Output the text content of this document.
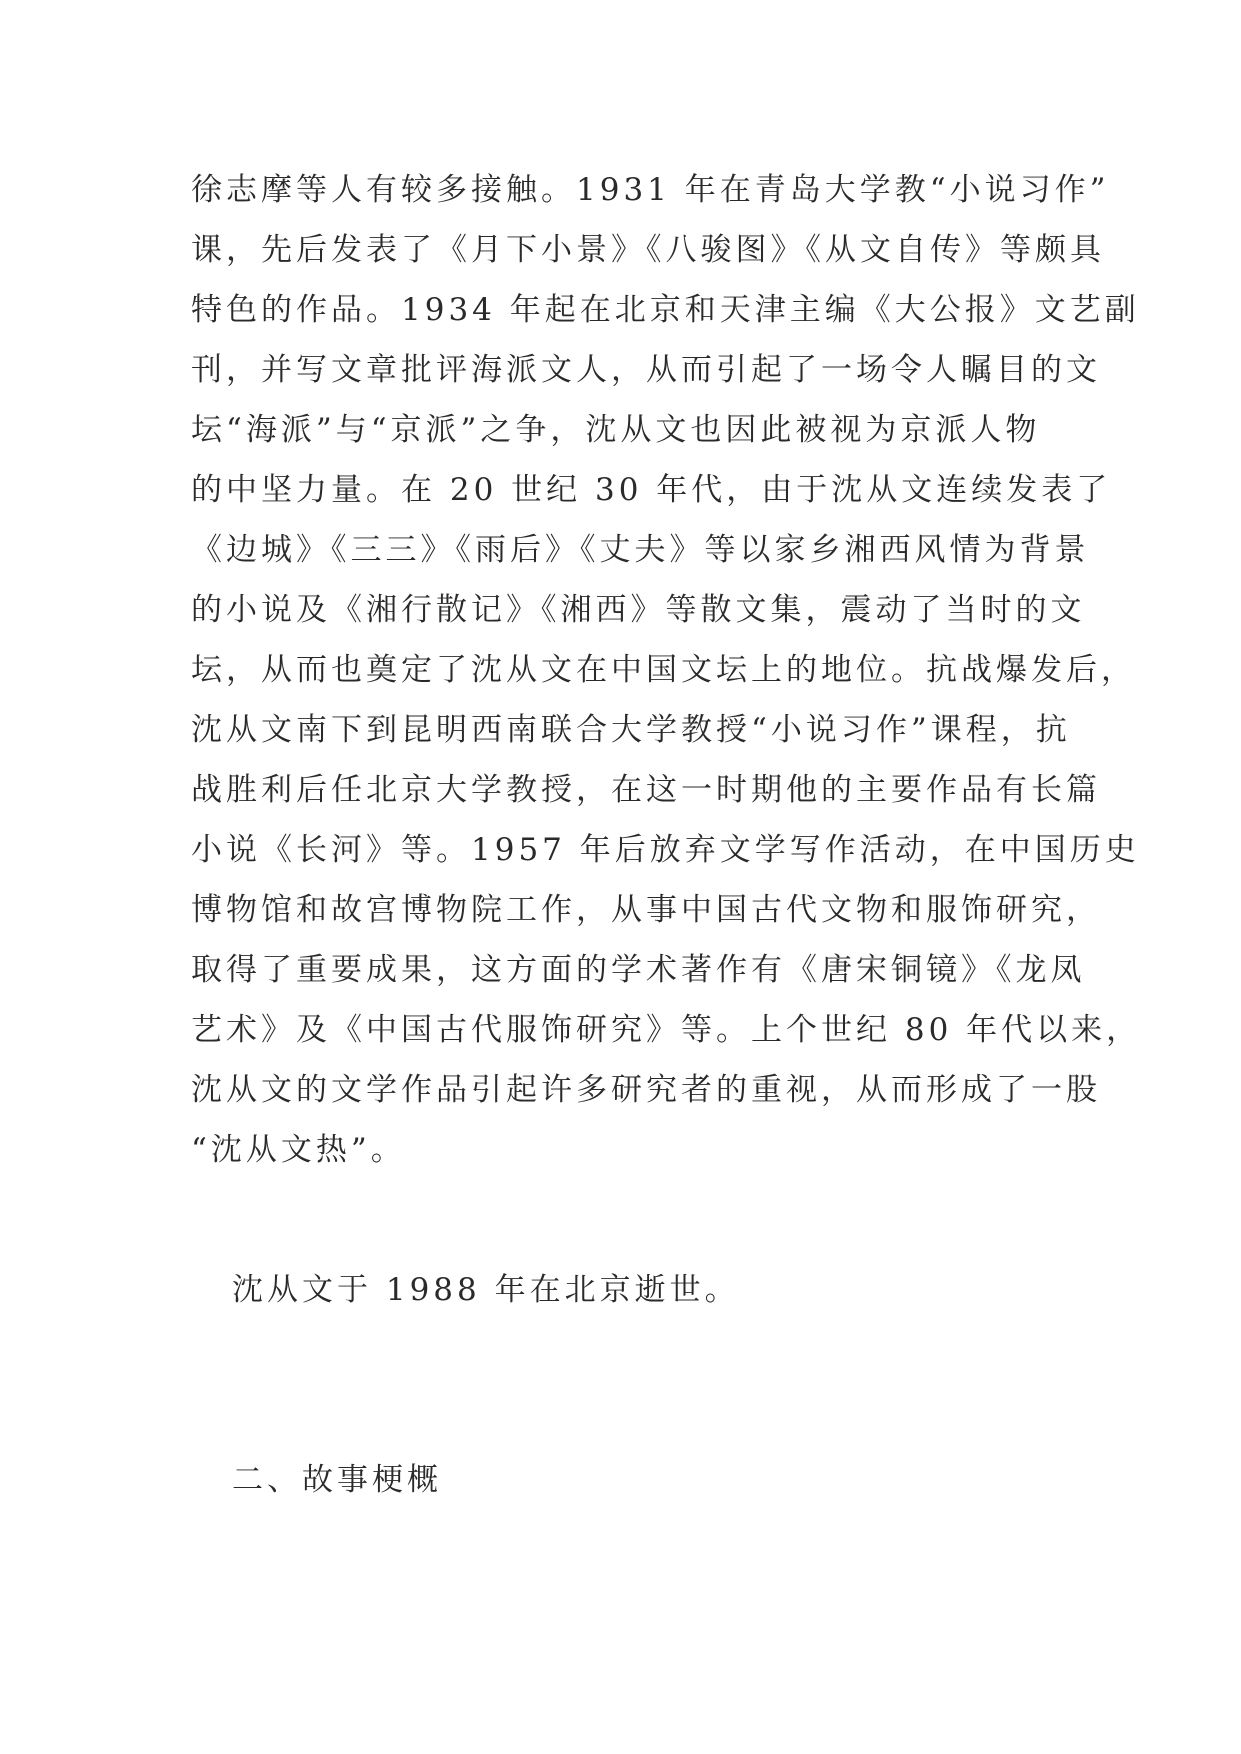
徐志摩等人有较多接触。1931 年在青岛大学教“小说习作”
课，先后发表了《月下小景》《八骏图》《从文自传》等颇具
特色的作品。1934 年起在北京和天津主编《大公报》文艺副
刊，并写文章批评海派文人，从而引起了一场令人瞩目的文
坛“海派”与“京派”之争，沈从文也因此被视为京派人物
的中坚力量。在 20 世纪 30 年代，由于沈从文连续发表了
《边城》《三三》《雨后》《丈夫》等以家乡湘西风情为背景
的小说及《湘行散记》《湘西》等散文集，震动了当时的文
坛，从而也奠定了沈从文在中国文坛上的地位。抗战爆发后，
沈从文南下到昆明西南联合大学教授“小说习作”课程，抗
战胜利后任北京大学教授，在这一时期他的主要作品有长篇
小说《长河》等。1957 年后放弃文学写作活动，在中国历史
博物馆和故宫博物院工作，从事中国古代文物和服饰研究，
取得了重要成果，这方面的学术著作有《唐宋铜镜》《龙凤
艺术》及《中国古代服饰研究》等。上个世纪 80 年代以来，
沈从文的文学作品引起许多研究者的重视，从而形成了一股
“沈从文热”。
沈从文于 1988 年在北京逝世。
二、故事梗概
